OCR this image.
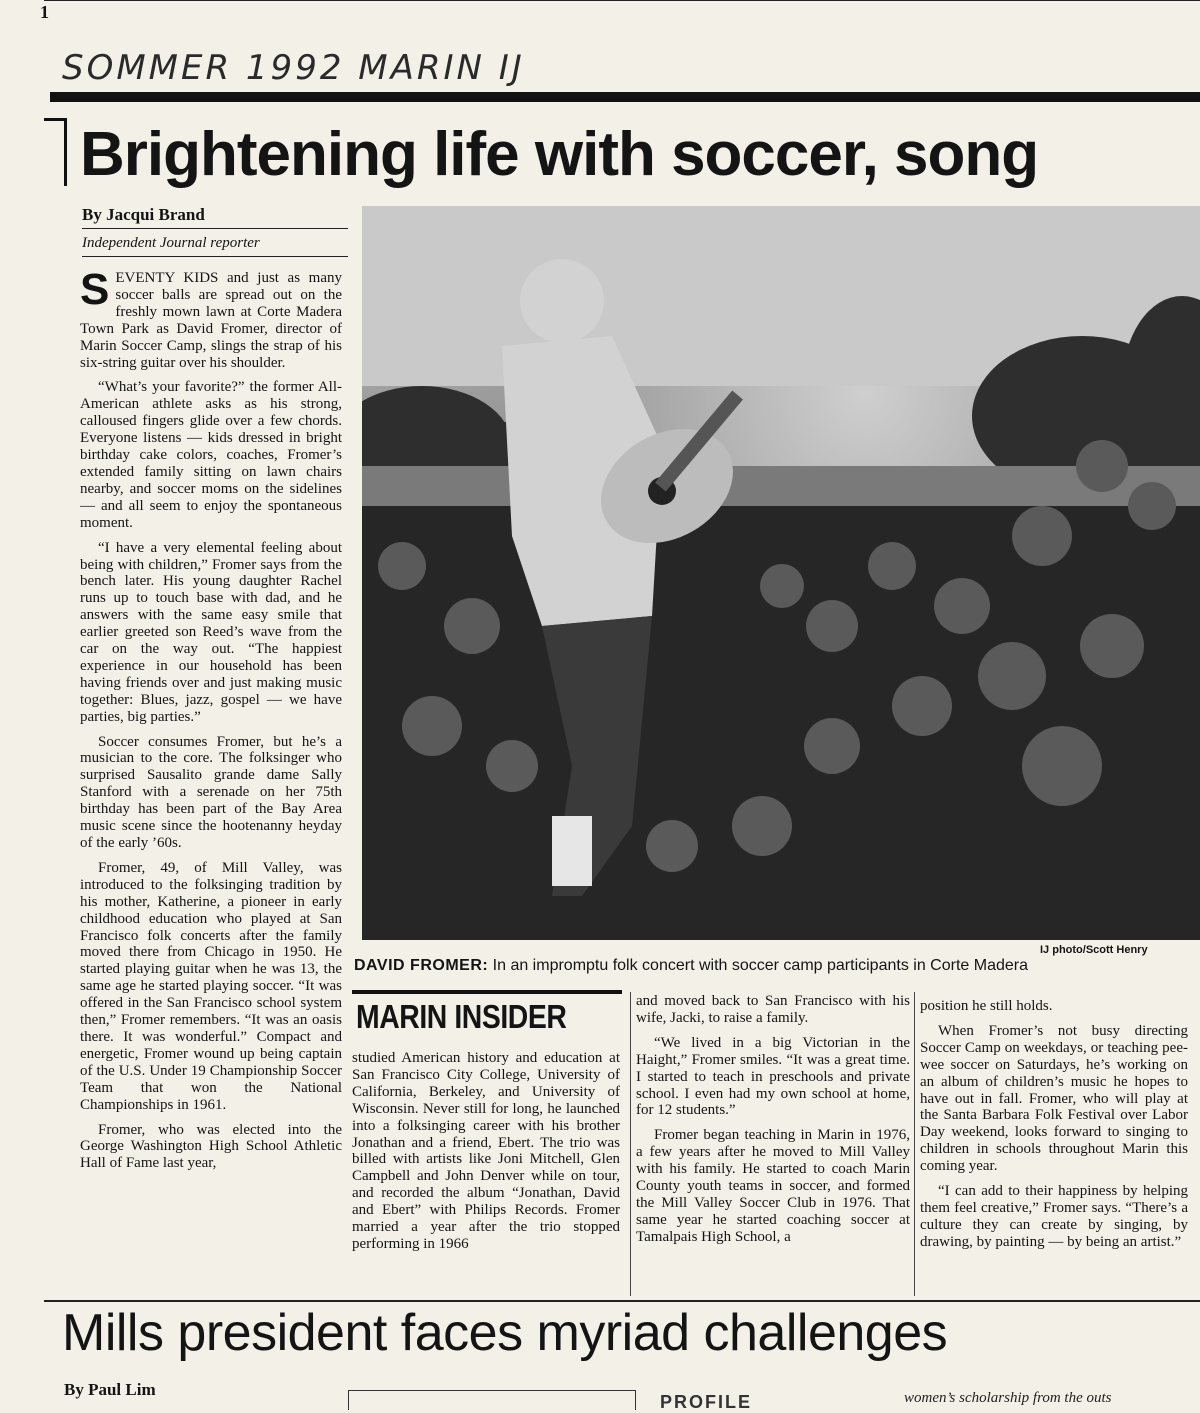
1
SOMMER 1992 MARIN IJ
Brightening life with soccer, song
By Jacqui Brand
Independent Journal reporter

SEVENTY KIDS and just as many soccer balls are spread out on the freshly mown lawn at Corte Madera Town Park as David Fromer, director of Marin Soccer Camp, slings the strap of his six-string guitar over his shoulder.

“What’s your favorite?” the former All-American athlete asks as his strong, calloused fingers glide over a few chords. Everyone listens — kids dressed in bright birthday cake colors, coaches, Fromer’s extended family sitting on lawn chairs nearby, and soccer moms on the sidelines — and all seem to enjoy the spontaneous moment.

“I have a very elemental feeling about being with children,” Fromer says from the bench later. His young daughter Rachel runs up to touch base with dad, and he answers with the same easy smile that earlier greeted son Reed’s wave from the car on the way out. “The happiest experience in our household has been having friends over and just making music together: Blues, jazz, gospel — we have parties, big parties.”

Soccer consumes Fromer, but he’s a musician to the core. The folksinger who surprised Sausalito grande dame Sally Stanford with a serenade on her 75th birthday has been part of the Bay Area music scene since the hootenanny heyday of the early ’60s.

Fromer, 49, of Mill Valley, was introduced to the folksinging tradition by his mother, Katherine, a pioneer in early childhood education who played at San Francisco folk concerts after the family moved there from Chicago in 1950. He started playing guitar when he was 13, the same age he started playing soccer. “It was offered in the San Francisco school system then,” Fromer remembers. “It was an oasis there. It was wonderful.” Compact and energetic, Fromer wound up being captain of the U.S. Under 19 Championship Soccer Team that won the National Championships in 1961.

Fromer, who was elected into the George Washington High School Athletic Hall of Fame last year,

IJ photo/Scott Henry
DAVID FROMER: In an impromptu folk concert with soccer camp participants in Corte Madera
MARIN INSIDER

studied American history and education at San Francisco City College, University of California, Berkeley, and University of Wisconsin. Never still for long, he launched into a folksinging career with his brother Jonathan and a friend, Ebert. The trio was billed with artists like Joni Mitchell, Glen Campbell and John Denver while on tour, and recorded the album “Jonathan, David and Ebert” with Philips Records. Fromer married a year after the trio stopped performing in 1966

and moved back to San Francisco with his wife, Jacki, to raise a family.

“We lived in a big Victorian in the Haight,” Fromer smiles. “It was a great time. I started to teach in preschools and private school. I even had my own school at home, for 12 students.”

Fromer began teaching in Marin in 1976, a few years after he moved to Mill Valley with his family. He started to coach Marin County youth teams in soccer, and formed the Mill Valley Soccer Club in 1976. That same year he started coaching soccer at Tamalpais High School, a

position he still holds.

When Fromer’s not busy directing Soccer Camp on weekdays, or teaching pee-wee soccer on Saturdays, he’s working on an album of children’s music he hopes to have out in fall. Fromer, who will play at the Santa Barbara Folk Festival over Labor Day weekend, looks forward to singing to children in schools throughout Marin this coming year.

“I can add to their happiness by helping them feel creative,” Fromer says. “There’s a culture they can create by singing, by drawing, by painting — by being an artist.”

Mills president faces myriad challenges
By Paul Lim
PROFILE	women’s scholarship from the outs
